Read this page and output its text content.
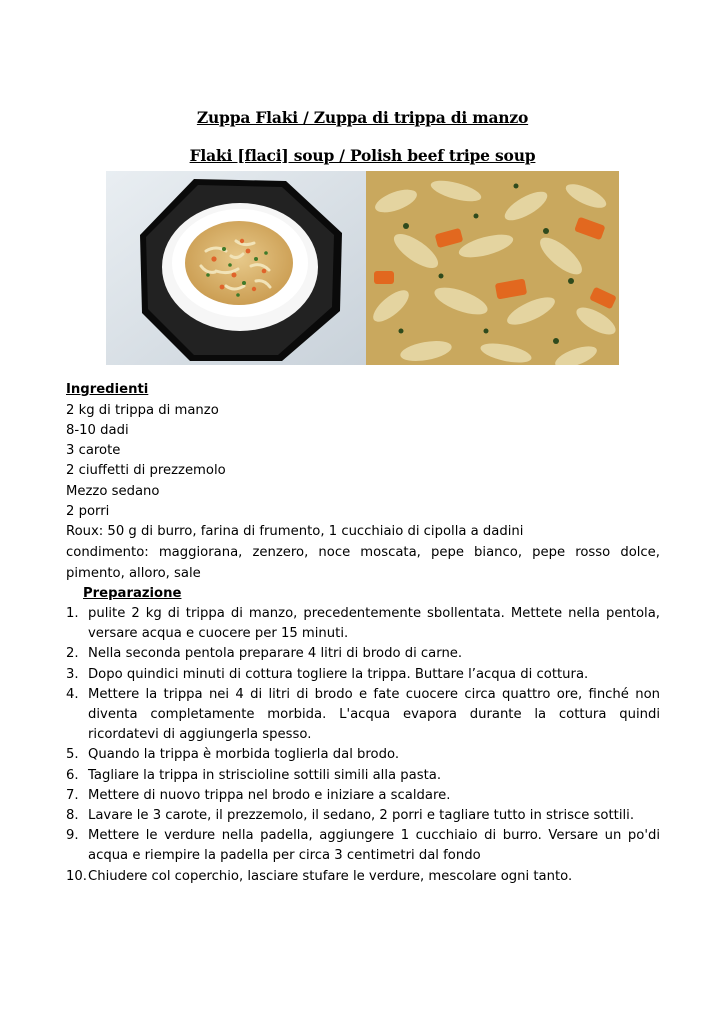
Zuppa Flaki / Zuppa di trippa di manzo
Flaki [flaci] soup / Polish beef tripe soup
Ingredienti
2 kg di trippa di manzo
8-10 dadi
3 carote
2 ciuffetti di prezzemolo
Mezzo sedano
2 porri
Roux: 50 g di burro, farina di frumento, 1 cucchiaio di cipolla a dadini
condimento: maggiorana, zenzero, noce moscata, pepe bianco, pepe rosso dolce,
pimento, alloro, sale
Preparazione
1. pulite 2 kg di trippa di manzo, precedentemente sbollentata. Mettete nella pentola, versare acqua e cuocere per 15 minuti.
2. Nella seconda pentola preparare 4 litri di brodo di carne.
3. Dopo quindici minuti di cottura togliere la trippa. Buttare l’acqua di cottura.
4. Mettere la trippa nei 4 di litri di brodo e fate cuocere circa quattro ore, finché non diventa completamente morbida. L'acqua evapora durante la cottura quindi ricordatevi di aggiungerla spesso.
5. Quando la trippa è morbida toglierla dal brodo.
6. Tagliare la trippa in striscioline sottili simili alla pasta.
7. Mettere di nuovo trippa nel brodo e iniziare a scaldare.
8. Lavare le 3 carote, il prezzemolo, il sedano, 2 porri e tagliare tutto in strisce sottili.
9. Mettere le verdure nella padella, aggiungere 1 cucchiaio di burro. Versare un po'di acqua e riempire la padella per circa 3 centimetri dal fondo
10. Chiudere col coperchio, lasciare stufare le verdure, mescolare ogni tanto.
